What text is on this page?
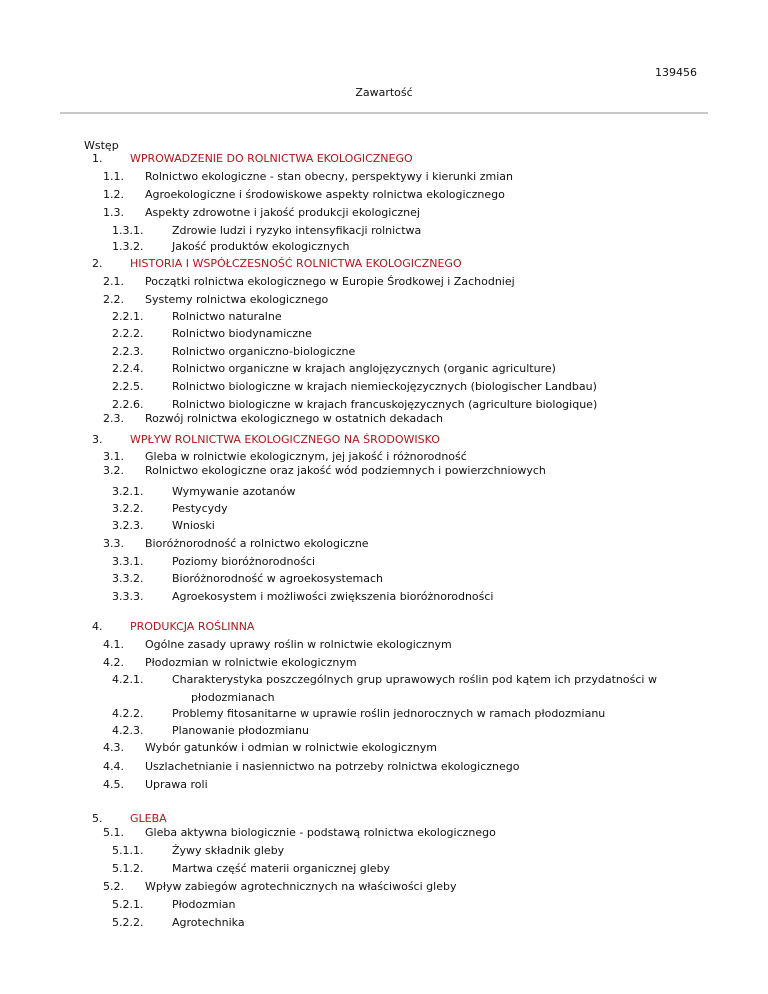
139456
Zawartość
Wstęp
1.	WPROWADZENIE DO ROLNICTWA EKOLOGICZNEGO
1.1. Rolnictwo ekologiczne - stan obecny, perspektywy i kierunki zmian
1.2. Agroekologiczne i środowiskowe aspekty rolnictwa ekologicznego
1.3. Aspekty zdrowotne i jakość produkcji ekologicznej
1.3.1.	Zdrowie ludzi i ryzyko intensyfikacji rolnictwa
1.3.2.	Jakość produktów ekologicznych
2.	HISTORIA I WSPÓŁCZESNOŚĆ ROLNICTWA EKOLOGICZNEGO
2.1. Początki rolnictwa ekologicznego w Europie Środkowej i Zachodniej
2.2. Systemy rolnictwa ekologicznego
2.2.1.	Rolnictwo naturalne
2.2.2.	Rolnictwo biodynamiczne
2.2.3.	Rolnictwo organiczno-biologiczne
2.2.4.	Rolnictwo organiczne w krajach anglojęzycznych (organic agriculture)
2.2.5.	Rolnictwo biologiczne w krajach niemieckojęzycznych (biologischer Landbau)
2.2.6.	Rolnictwo biologiczne w krajach francuskojęzycznych (agriculture biologique)
2.3. Rozwój rolnictwa ekologicznego w ostatnich dekadach
3.	WPŁYW ROLNICTWA EKOLOGICZNEGO NA ŚRODOWISKO
3.1. Gleba w rolnictwie ekologicznym, jej jakość i różnorodność
3.2. Rolnictwo ekologiczne oraz jakość wód podziemnych i powierzchniowych
3.2.1.	Wymywanie azotanów
3.2.2.	Pestycydy
3.2.3.	Wnioski
3.3. Bioróżnorodność a rolnictwo ekologiczne
3.3.1.	Poziomy bioróżnorodności
3.3.2.	Bioróżnorodność w agroekosystemach
3.3.3.	Agroekosystem i możliwości zwiększenia bioróżnorodności
4.	PRODUKCJA ROŚLINNA
4.1. Ogólne zasady uprawy roślin w rolnictwie ekologicznym
4.2. Płodozmian w rolnictwie ekologicznym
4.2.1.	Charakterystyka poszczególnych grup uprawowych roślin pod kątem ich przydatności w
płodozmianach
4.2.2.	Problemy fitosanitarne w uprawie roślin jednorocznych w ramach płodozmianu
4.2.3.	Planowanie płodozmianu
4.3. Wybór gatunków i odmian w rolnictwie ekologicznym
4.4. Uszlachetnianie i nasiennictwo na potrzeby rolnictwa ekologicznego
4.5. Uprawa roli
5.	GLEBA
5.1. Gleba aktywna biologicznie - podstawą rolnictwa ekologicznego
5.1.1.	Żywy składnik gleby
5.1.2.	Martwa część materii organicznej gleby
5.2. Wpływ zabiegów agrotechnicznych na właściwości gleby
5.2.1.	Płodozmian
5.2.2.	Agrotechnika
